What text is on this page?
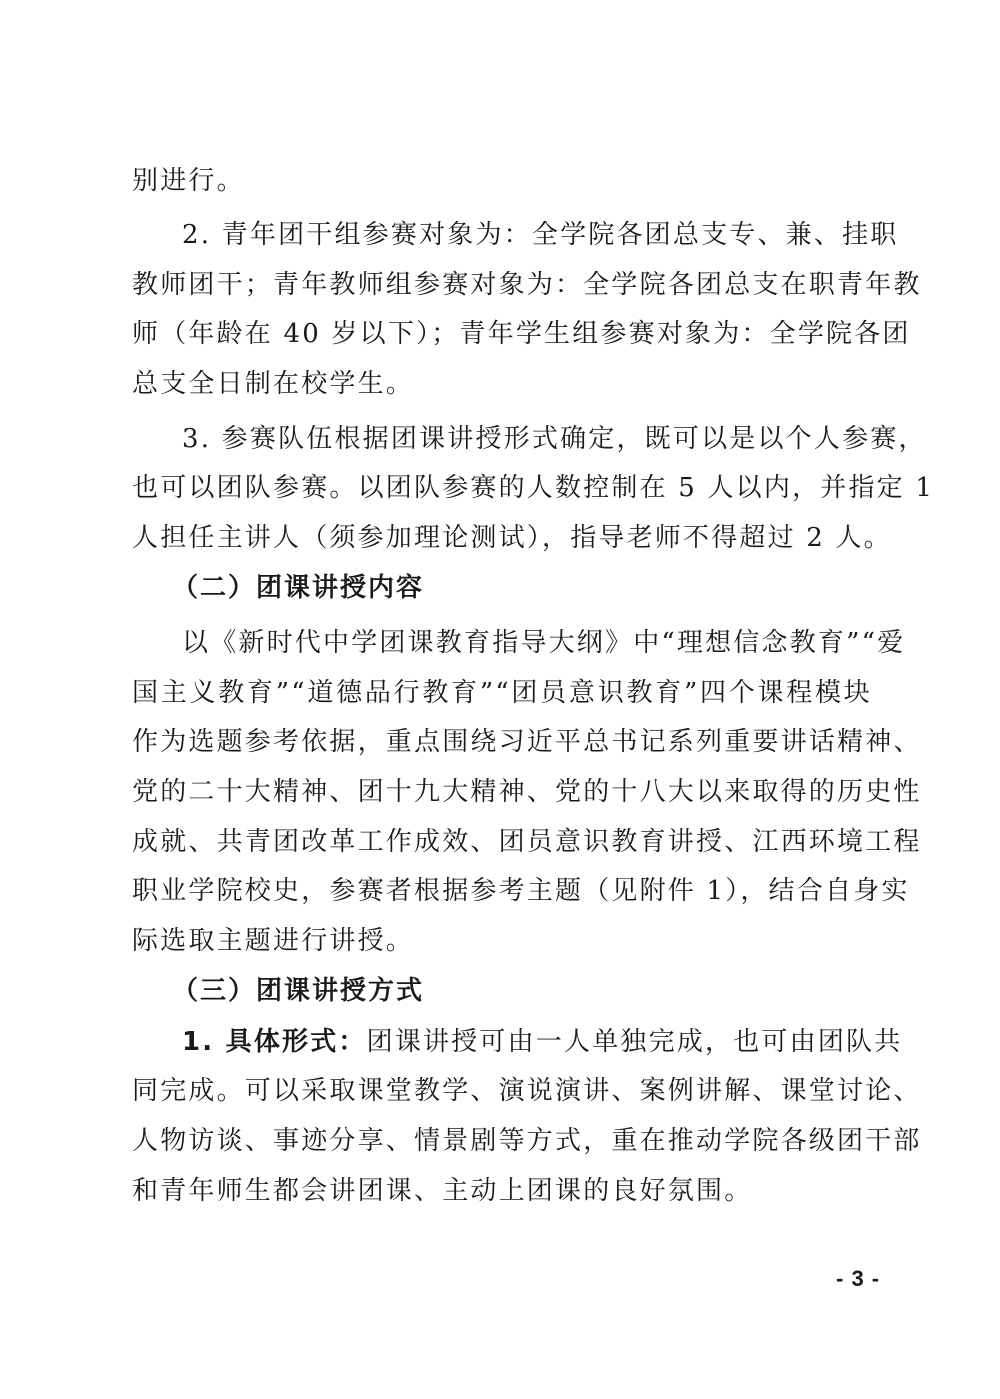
别进行。
2. 青年团干组参赛对象为：全学院各团总支专、兼、挂职
教师团干；青年教师组参赛对象为：全学院各团总支在职青年教
师（年龄在 40 岁以下）；青年学生组参赛对象为：全学院各团
总支全日制在校学生。
3. 参赛队伍根据团课讲授形式确定，既可以是以个人参赛，
也可以团队参赛。以团队参赛的人数控制在 5 人以内，并指定 1
人担任主讲人（须参加理论测试），指导老师不得超过 2 人。
（二）团课讲授内容
以《新时代中学团课教育指导大纲》中“理想信念教育”“爱
国主义教育”“道德品行教育”“团员意识教育”四个课程模块
作为选题参考依据，重点围绕习近平总书记系列重要讲话精神、
党的二十大精神、团十九大精神、党的十八大以来取得的历史性
成就、共青团改革工作成效、团员意识教育讲授、江西环境工程
职业学院校史，参赛者根据参考主题（见附件 1），结合自身实
际选取主题进行讲授。
（三）团课讲授方式
1. 具体形式：团课讲授可由一人单独完成，也可由团队共
同完成。可以采取课堂教学、演说演讲、案例讲解、课堂讨论、
人物访谈、事迹分享、情景剧等方式，重在推动学院各级团干部
和青年师生都会讲团课、主动上团课的良好氛围。
- 3 -
